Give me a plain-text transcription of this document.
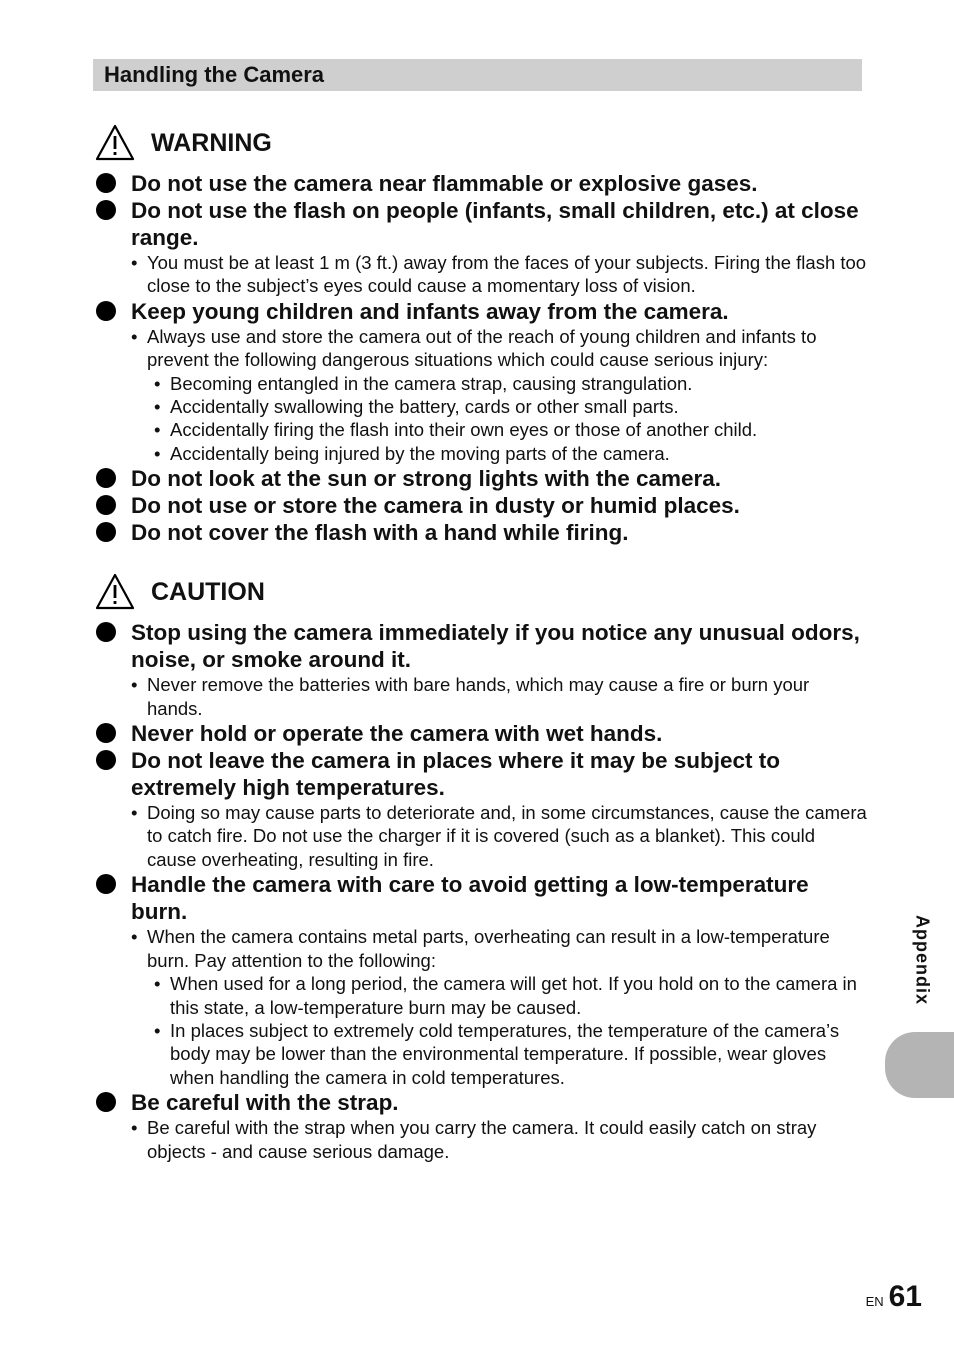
Handling the Camera
WARNING
Do not use the camera near flammable or explosive gases.
Do not use the flash on people (infants, small children, etc.) at close range.
• You must be at least 1 m (3 ft.) away from the faces of your subjects. Firing the flash too close to the subject’s eyes could cause a momentary loss of vision.
Keep young children and infants away from the camera.
• Always use and store the camera out of the reach of young children and infants to prevent the following dangerous situations which could cause serious injury:
• Becoming entangled in the camera strap, causing strangulation.
• Accidentally swallowing the battery, cards or other small parts.
• Accidentally firing the flash into their own eyes or those of another child.
• Accidentally being injured by the moving parts of the camera.
Do not look at the sun or strong lights with the camera.
Do not use or store the camera in dusty or humid places.
Do not cover the flash with a hand while firing.
CAUTION
Stop using the camera immediately if you notice any unusual odors, noise, or smoke around it.
• Never remove the batteries with bare hands, which may cause a fire or burn your hands.
Never hold or operate the camera with wet hands.
Do not leave the camera in places where it may be subject to extremely high temperatures.
• Doing so may cause parts to deteriorate and, in some circumstances, cause the camera to catch fire. Do not use the charger if it is covered (such as a blanket). This could cause overheating, resulting in fire.
Handle the camera with care to avoid getting a low-temperature burn.
• When the camera contains metal parts, overheating can result in a low-temperature burn. Pay attention to the following:
• When used for a long period, the camera will get hot. If you hold on to the camera in this state, a low-temperature burn may be caused.
• In places subject to extremely cold temperatures, the temperature of the camera’s body may be lower than the environmental temperature. If possible, wear gloves when handling the camera in cold temperatures.
Be careful with the strap.
• Be careful with the strap when you carry the camera. It could easily catch on stray objects - and cause serious damage.
Appendix
EN 61
